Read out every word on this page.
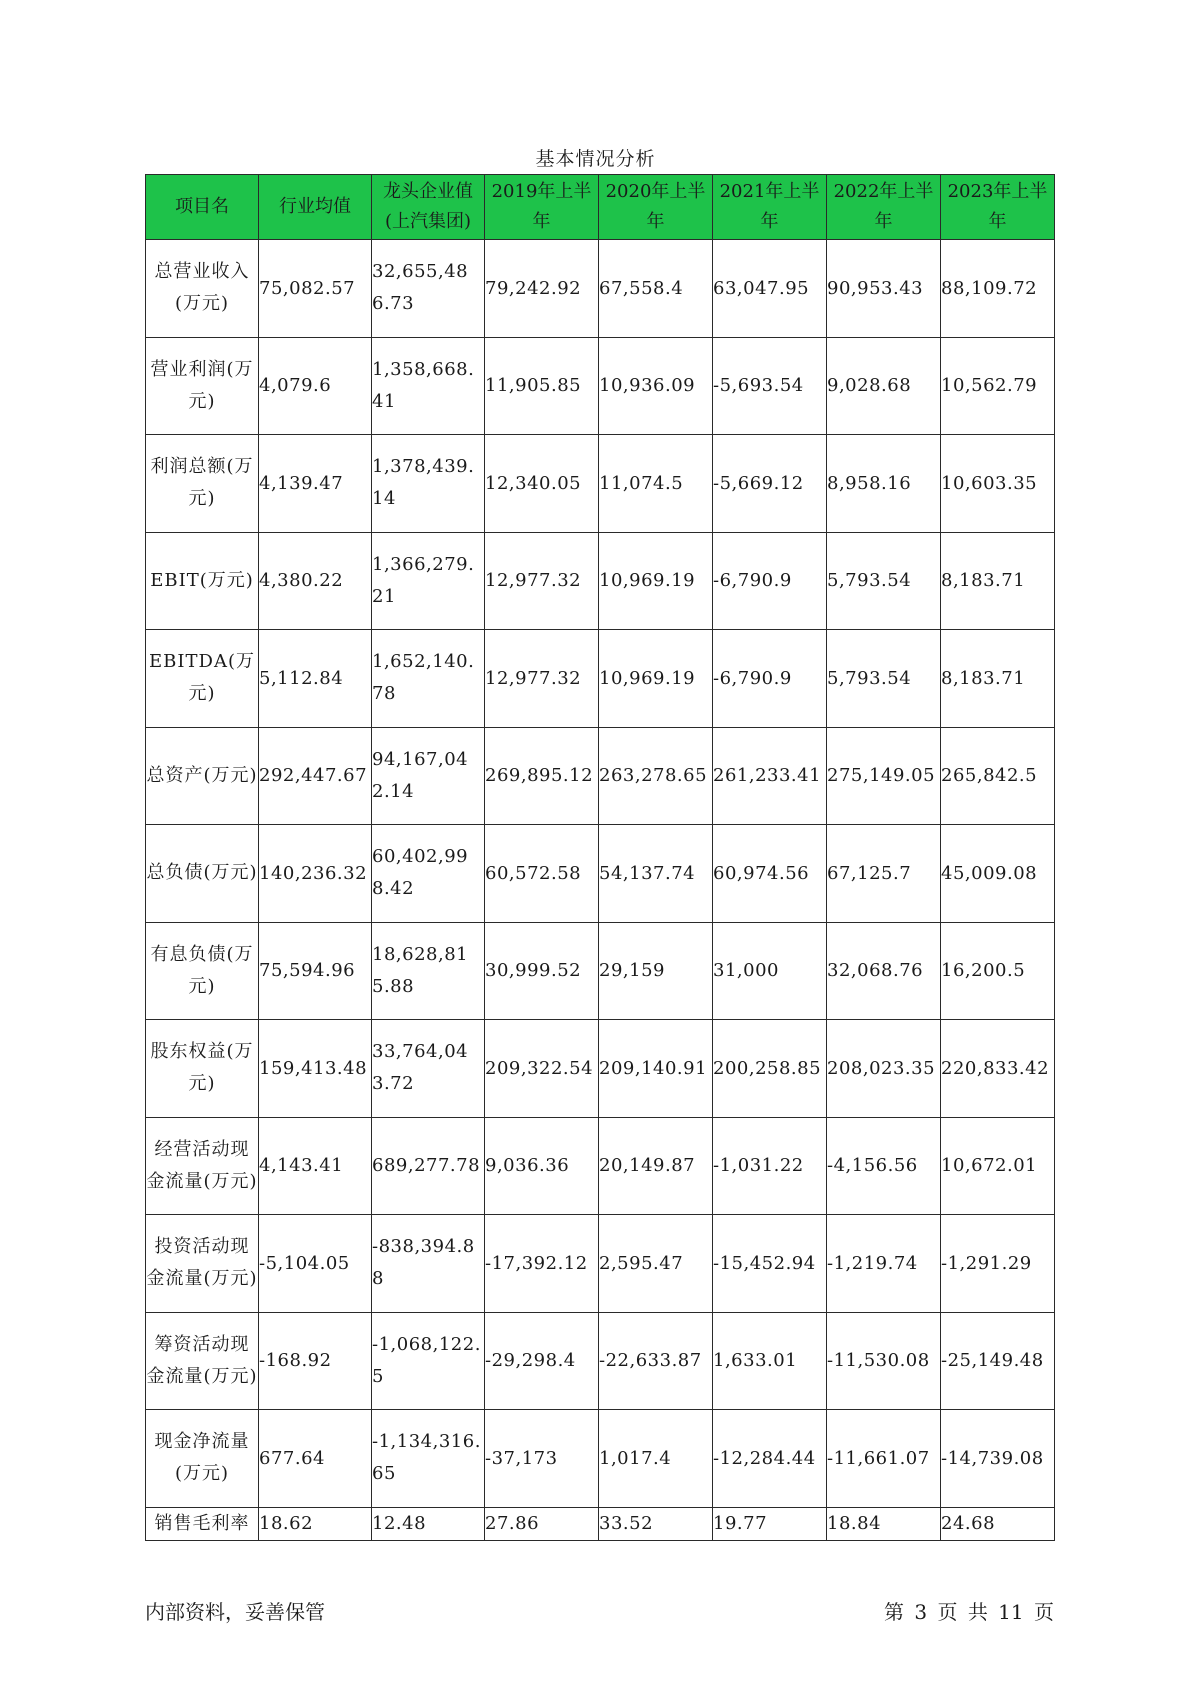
基本情况分析
项目名	行业均值	龙头企业值(上汽集团)	2019年上半年	2020年上半年	2021年上半年	2022年上半年	2023年上半年
总营业收入(万元)	75,082.57	32,655,486.73	79,242.92	67,558.4	63,047.95	90,953.43	88,109.72
营业利润(万元)	4,079.6	1,358,668.41	11,905.85	10,936.09	-5,693.54	9,028.68	10,562.79
利润总额(万元)	4,139.47	1,378,439.14	12,340.05	11,074.5	-5,669.12	8,958.16	10,603.35
EBIT(万元)	4,380.22	1,366,279.21	12,977.32	10,969.19	-6,790.9	5,793.54	8,183.71
EBITDA(万元)	5,112.84	1,652,140.78	12,977.32	10,969.19	-6,790.9	5,793.54	8,183.71
总资产(万元)	292,447.67	94,167,042.14	269,895.12	263,278.65	261,233.41	275,149.05	265,842.5
总负债(万元)	140,236.32	60,402,998.42	60,572.58	54,137.74	60,974.56	67,125.7	45,009.08
有息负债(万元)	75,594.96	18,628,815.88	30,999.52	29,159	31,000	32,068.76	16,200.5
股东权益(万元)	159,413.48	33,764,043.72	209,322.54	209,140.91	200,258.85	208,023.35	220,833.42
经营活动现金流量(万元)	4,143.41	689,277.78	9,036.36	20,149.87	-1,031.22	-4,156.56	10,672.01
投资活动现金流量(万元)	-5,104.05	-838,394.88	-17,392.12	2,595.47	-15,452.94	-1,219.74	-1,291.29
筹资活动现金流量(万元)	-168.92	-1,068,122.5	-29,298.4	-22,633.87	1,633.01	-11,530.08	-25,149.48
现金净流量(万元)	677.64	-1,134,316.65	-37,173	1,017.4	-12,284.44	-11,661.07	-14,739.08
销售毛利率	18.62	12.48	27.86	33.52	19.77	18.84	24.68
内部资料，妥善保管	第 3 页 共 11 页
